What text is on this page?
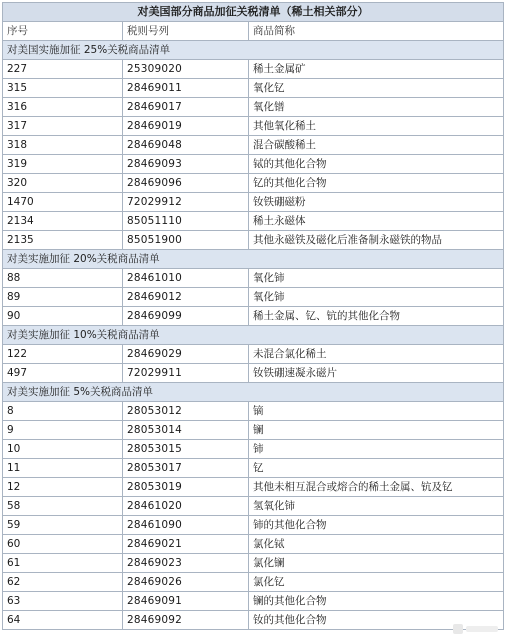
对美国部分商品加征关税清单（稀土相关部分）		
序号	税则号列	商品简称
对美国实施加征 25%关税商品清单		
227	25309020	稀土金属矿
315	28469011	氧化钇
316	28469017	氧化镨
317	28469019	其他氧化稀土
318	28469048	混合碳酸稀土
319	28469093	铽的其他化合物
320	28469096	钇的其他化合物
1470	72029912	钕铁硼磁粉
2134	85051110	稀土永磁体
2135	85051900	其他永磁铁及磁化后准备制永磁铁的物品
对美实施加征 20%关税商品清单		
88	28461010	氧化铈
89	28469012	氧化铈
90	28469099	稀土金属、钇、钪的其他化合物
对美实施加征 10%关税商品清单		
122	28469029	未混合氯化稀土
497	72029911	钕铁硼速凝永磁片
对美实施加征 5%关税商品清单		
8	28053012	镝
9	28053014	镧
10	28053015	铈
11	28053017	钇
12	28053019	其他未相互混合或熔合的稀土金属、钪及钇
58	28461020	氢氧化铈
59	28461090	铈的其他化合物
60	28469021	氯化铽
61	28469023	氯化镧
62	28469026	氯化钇
63	28469091	镧的其他化合物
64	28469092	钕的其他化合物
